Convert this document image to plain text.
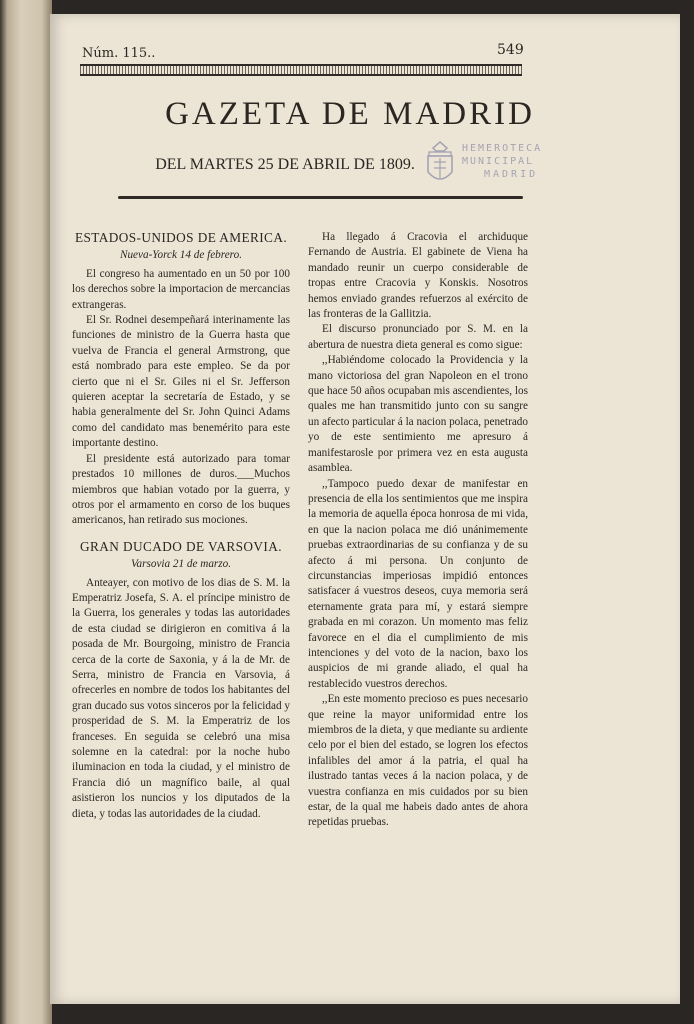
Núm. 115..	549
GAZETA DE MADRID
DEL MARTES 25 DE ABRIL DE 1809.
HEMEROTECA
MUNICIPAL
MADRID
ESTADOS-UNIDOS DE AMERICA.
Nueva-Yorck 14 de febrero.

El congreso ha aumentado en un 50 por 100 los derechos sobre la importacion de mercancias extrangeras.

El Sr. Rodnei desempeñará interinamente las funciones de ministro de la Guerra hasta que vuelva de Francia el general Armstrong, que está nombrado para este empleo. Se da por cierto que ni el Sr. Giles ni el Sr. Jefferson quieren aceptar la secretaría de Estado, y se habia generalmente del Sr. John Quinci Adams como del candidato mas benemérito para este importante destino.

El presidente está autorizado para tomar prestados 10 millones de duros.___Muchos miembros que habian votado por la guerra, y otros por el armamento en corso de los buques americanos, han retirado sus mociones.

GRAN DUCADO DE VARSOVIA.
Varsovia 21 de marzo.

Anteayer, con motivo de los dias de S. M. la Emperatriz Josefa, S. A. el príncipe ministro de la Guerra, los generales y todas las autoridades de esta ciudad se dirigieron en comitiva á la posada de Mr. Bourgoing, ministro de Francia cerca de la corte de Saxonia, y á la de Mr. de Serra, ministro de Francia en Varsovia, á ofrecerles en nombre de todos los habitantes del gran ducado sus votos sinceros por la felicidad y prosperidad de S. M. la Emperatriz de los franceses. En seguida se celebró una misa solemne en la catedral: por la noche hubo iluminacion en toda la ciudad, y el ministro de Francia dió un magnífico baile, al qual asistieron los nuncios y los diputados de la dieta, y todas las autoridades de la ciudad.

Ha llegado á Cracovia el archiduque Fernando de Austria. El gabinete de Viena ha mandado reunir un cuerpo considerable de tropas entre Cracovia y Konskis. Nosotros hemos enviado grandes refuerzos al exército de las fronteras de la Gallitzia.

El discurso pronunciado por S. M. en la abertura de nuestra dieta general es como sigue:

,,Habiéndome colocado la Providencia y la mano victoriosa del gran Napoleon en el trono que hace 50 años ocupaban mis ascendientes, los quales me han transmitido junto con su sangre un afecto particular á la nacion polaca, penetrado yo de este sentimiento me apresuro á manifestarosle por primera vez en esta augusta asamblea.

,,Tampoco puedo dexar de manifestar en presencia de ella los sentimientos que me inspira la memoria de aquella época honrosa de mi vida, en que la nacion polaca me dió unánimemente pruebas extraordinarias de su confianza y de su afecto á mi persona. Un conjunto de circunstancias imperiosas impidió entonces satisfacer á vuestros deseos, cuya memoria será eternamente grata para mí, y estará siempre grabada en mi corazon. Un momento mas feliz favorece en el dia el cumplimiento de mis intenciones y del voto de la nacion, baxo los auspicios de mi grande aliado, el qual ha restablecido vuestros derechos.

,,En este momento precioso es pues necesario que reine la mayor uniformidad entre los miembros de la dieta, y que mediante su ardiente celo por el bien del estado, se logren los efectos infalibles del amor á la patria, el qual ha ilustrado tantas veces á la nacion polaca, y de vuestra confianza en mis cuidados por su bien estar, de la qual me habeis dado antes de ahora repetidas pruebas.
